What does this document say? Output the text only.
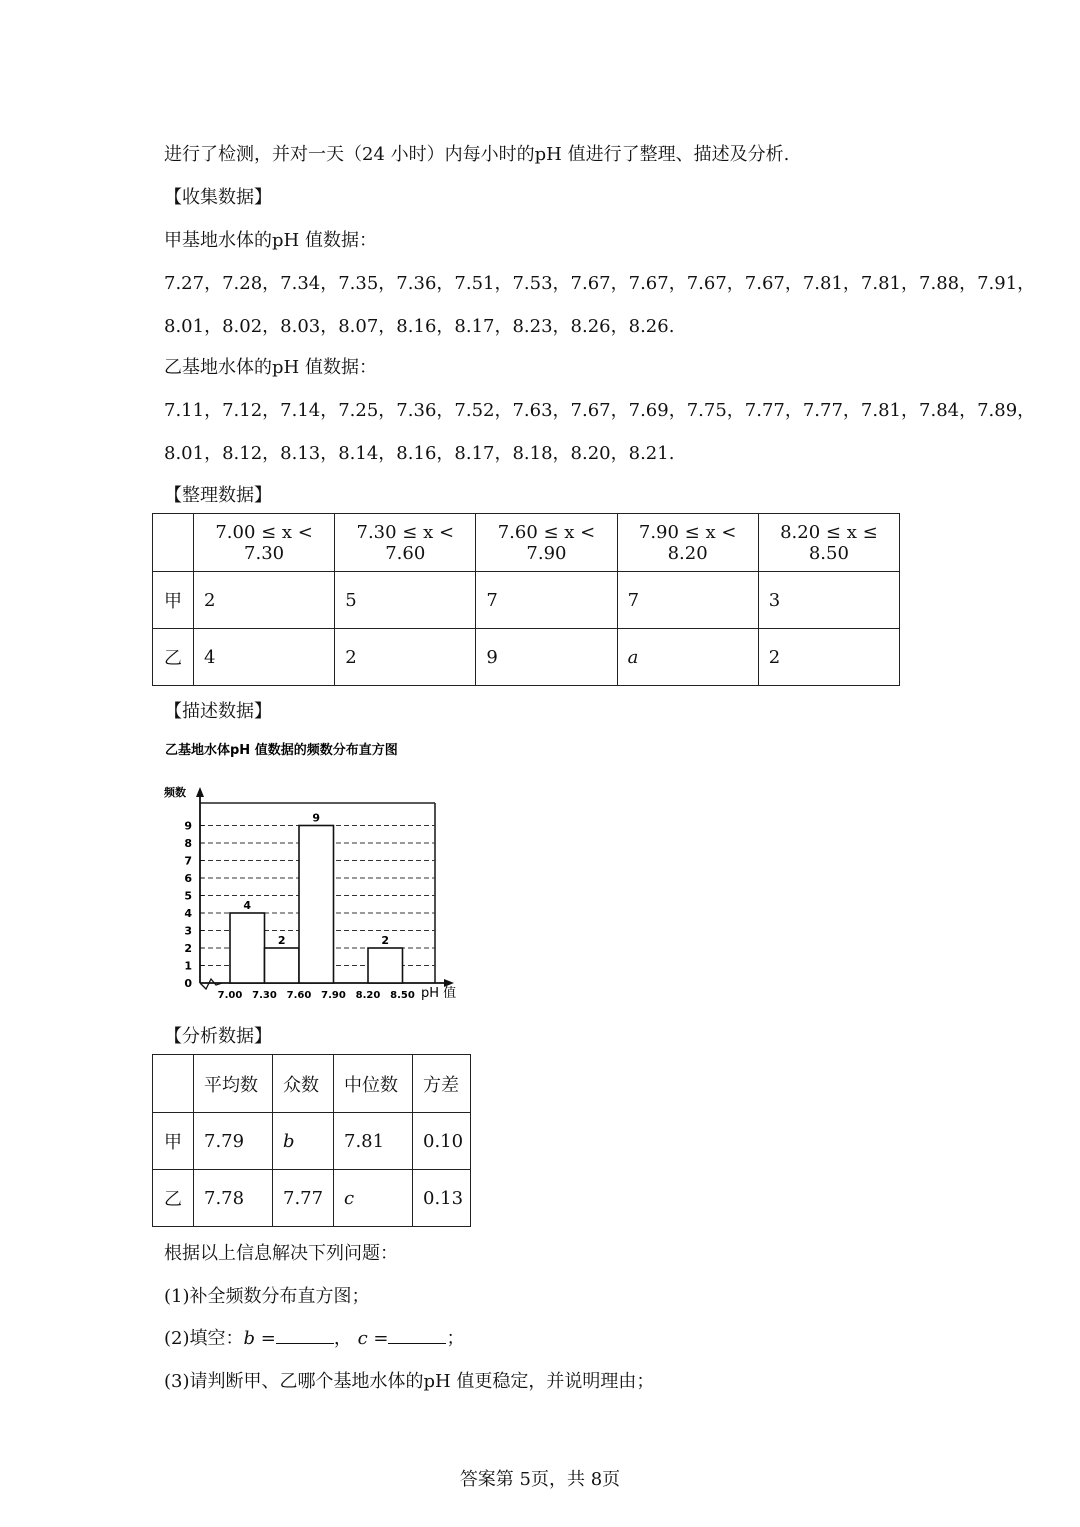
进行了检测，并对一天（24 小时）内每小时的pH 值进行了整理、描述及分析.
【收集数据】
甲基地水体的pH 值数据：
7.27，7.28，7.34，7.35，7.36，7.51，7.53，7.67，7.67，7.67，7.67，7.81，7.81，7.88，7.91，
8.01，8.02，8.03，8.07，8.16，8.17，8.23，8.26，8.26.
乙基地水体的pH 值数据：
7.11，7.12，7.14，7.25，7.36，7.52，7.63，7.67，7.69，7.75，7.77，7.77，7.81，7.84，7.89，
8.01，8.12，8.13，8.14，8.16，8.17，8.18，8.20，8.21.
【整理数据】
	7.00 ≤ x < 7.30	7.30 ≤ x < 7.60	7.60 ≤ x < 7.90	7.90 ≤ x < 8.20	8.20 ≤ x ≤ 8.50
甲	2	5	7	7	3
乙	4	2	9	a	2
【描述数据】
乙基地水体pH 值数据的频数分布直方图
频数
0
1
2
3
4
5
6
7
8
9
4
2
9
2
7.00 7.30 7.60 7.90 8.20 8.50 pH 值
【分析数据】
	平均数	众数	中位数	方差
甲	7.79	b	7.81	0.10
乙	7.78	7.77	c	0.13
根据以上信息解决下列问题：
(1)补全频数分布直方图；
(2)填空：b =	， c =	；
(3)请判断甲、乙哪个基地水体的pH 值更稳定，并说明理由；
答案第 5页，共 8页
